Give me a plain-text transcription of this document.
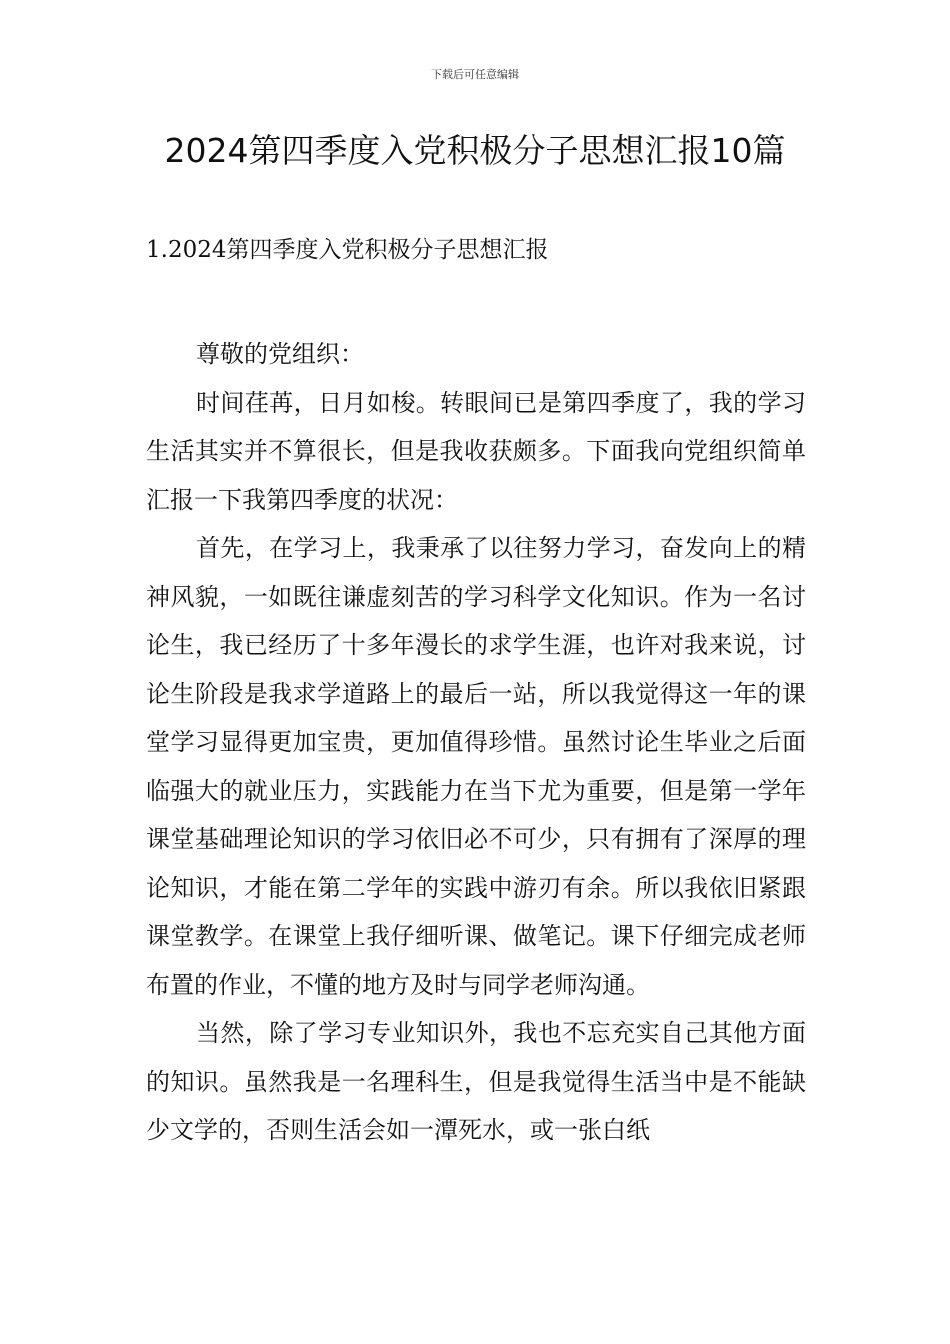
下载后可任意编辑
2024第四季度入党积极分子思想汇报10篇
1.2024第四季度入党积极分子思想汇报

尊敬的党组织：

时间荏苒，日月如梭。转眼间已是第四季度了，我的学习生活其实并不算很长，但是我收获颇多。下面我向党组织简单汇报一下我第四季度的状况：

首先，在学习上，我秉承了以往努力学习，奋发向上的精神风貌，一如既往谦虚刻苦的学习科学文化知识。作为一名讨论生，我已经历了十多年漫长的求学生涯，也许对我来说，讨论生阶段是我求学道路上的最后一站，所以我觉得这一年的课堂学习显得更加宝贵，更加值得珍惜。虽然讨论生毕业之后面临强大的就业压力，实践能力在当下尤为重要，但是第一学年课堂基础理论知识的学习依旧必不可少，只有拥有了深厚的理论知识，才能在第二学年的实践中游刃有余。所以我依旧紧跟课堂教学。在课堂上我仔细听课、做笔记。课下仔细完成老师布置的作业，不懂的地方及时与同学老师沟通。

当然，除了学习专业知识外，我也不忘充实自己其他方面的知识。虽然我是一名理科生，但是我觉得生活当中是不能缺少文学的，否则生活会如一潭死水，或一张白纸
